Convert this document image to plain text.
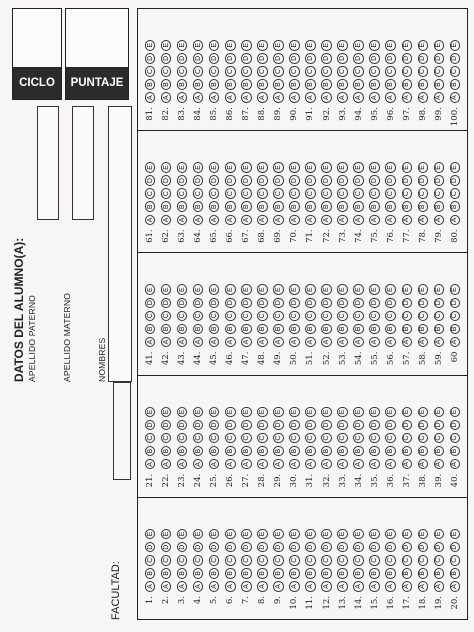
DATOS DEL ALUMNO(A): APELLIDO PATERNO	APELLIDO MATERNO	NOMBRES
FACULTAD:
CICLO PUNTAJE
1.
A
B
C
D
E
2.
A
B
C
D
E
3.
A
B
C
D
E
4.
A
B
C
D
E
5.
A
B
C
D
E
6.
A
B
C
D
E
7.
A
B
C
D
E
8.
A
B
C
D
E
9.
A
B
C
D
E
10.
A
B
C
D
E
11.
A
B
C
D
E
12.
A
B
C
D
E
13.
A
B
C
D
E
14.
A
B
C
D
E
15.
A
B
C
D
E
16.
A
B
C
D
E
17.
A
B
C
D
E
18.
A
B
C
D
E
19.
A
B
C
D
E
20.
A
B
C
D
E
21.
A
B
C
D
E
22.
A
B
C
D
E
23.
A
B
C
D
E
24.
A
B
C
D
E
25.
A
B
C
D
E
26.
A
B
C
D
E
27.
A
B
C
D
E
28.
A
B
C
D
E
29.
A
B
C
D
E
30.
A
B
C
D
E
31.
A
B
C
D
E
32.
A
B
C
D
E
33.
A
B
C
D
E
34.
A
B
C
D
E
35.
A
B
C
D
E
36.
A
B
C
D
E
37.
A
B
C
D
E
38.
A
B
C
D
E
39.
A
B
C
D
E
40.
A
B
C
D
E
41.
A
B
C
D
E
42.
A
B
C
D
E
43.
A
B
C
D
E
44.
A
B
C
D
E
45.
A
B
C
D
E
46.
A
B
C
D
E
47.
A
B
C
D
E
48.
A
B
C
D
E
49.
A
B
C
D
E
50.
A
B
C
D
E
51.
A
B
C
D
E
52.
A
B
C
D
E
53.
A
B
C
D
E
54.
A
B
C
D
E
55.
A
B
C
D
E
56.
A
B
C
D
E
57.
A
B
C
D
E
58.
A
B
C
D
E
59.
A
B
C
D
E
60
A
B
C
D
E
61.
A
B
C
D
E
62.
A
B
C
D
E
63.
A
B
C
D
E
64.
A
B
C
D
E
65.
A
B
C
D
E
66.
A
B
C
D
E
67.
A
B
C
D
E
68.
A
B
C
D
E
69.
A
B
C
D
E
70.
A
B
C
D
E
71.
A
B
C
D
E
72.
A
B
C
D
E
73.
A
B
C
D
E
74.
A
B
C
D
E
75.
A
B
C
D
E
76.
A
B
C
D
E
77.
A
B
C
D
E
78.
A
B
C
D
E
79.
A
B
C
D
E
80.
A
B
C
D
E
81.
A
B
C
D
E
82.
A
B
C
D
E
83.
A
B
C
D
E
84.
A
B
C
D
E
85.
A
B
C
D
E
86.
A
B
C
D
E
87.
A
B
C
D
E
88.
A
B
C
D
E
89.
A
B
C
D
E
90.
A
B
C
D
E
91.
A
B
C
D
E
92.
A
B
C
D
E
93.
A
B
C
D
E
94.
A
B
C
D
E
95.
A
B
C
D
E
96.
A
B
C
D
E
97.
A
B
C
D
E
98.
A
B
C
D
E
99.
A
B
C
D
E
100.
A
B
C
D
E
